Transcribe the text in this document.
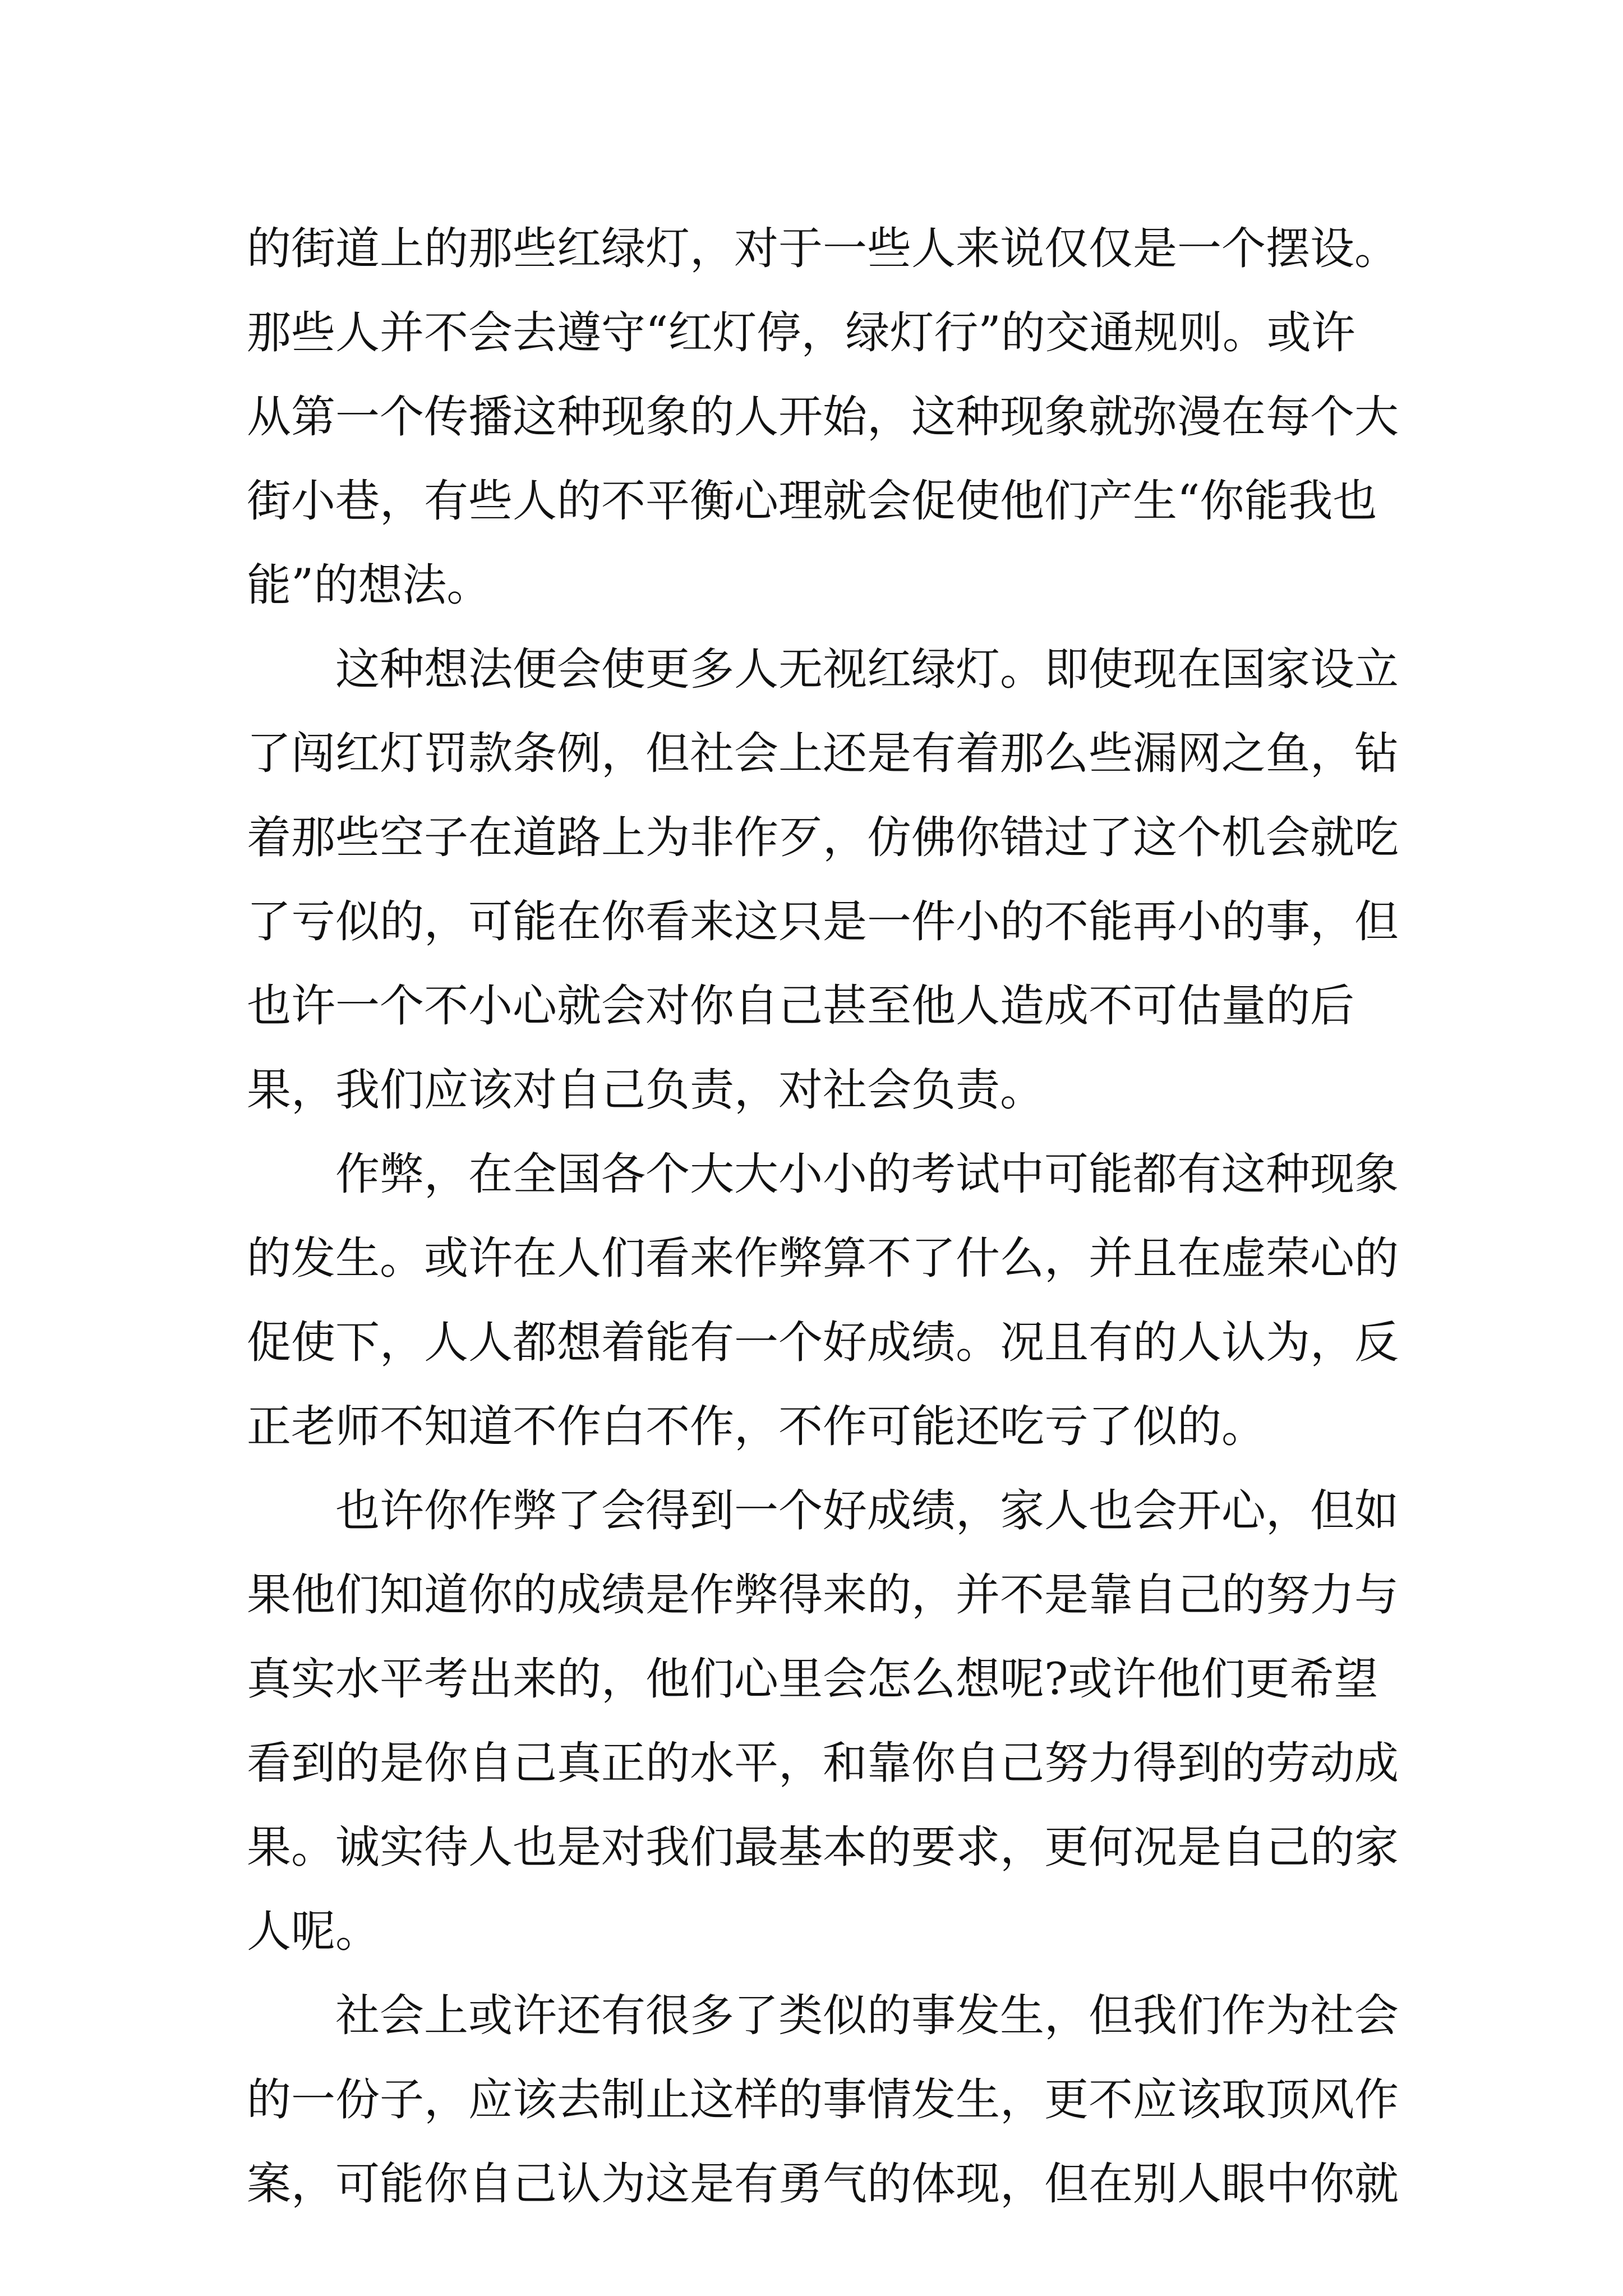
的街道上的那些红绿灯，对于一些人来说仅仅是一个摆设。
那些人并不会去遵守“红灯停，绿灯行”的交通规则。或许
从第一个传播这种现象的人开始，这种现象就弥漫在每个大
街小巷，有些人的不平衡心理就会促使他们产生“你能我也
能”的想法。
　　这种想法便会使更多人无视红绿灯。即使现在国家设立
了闯红灯罚款条例，但社会上还是有着那么些漏网之鱼，钻
着那些空子在道路上为非作歹，仿佛你错过了这个机会就吃
了亏似的，可能在你看来这只是一件小的不能再小的事，但
也许一个不小心就会对你自己甚至他人造成不可估量的后
果，我们应该对自己负责，对社会负责。
　　作弊，在全国各个大大小小的考试中可能都有这种现象
的发生。或许在人们看来作弊算不了什么，并且在虚荣心的
促使下，人人都想着能有一个好成绩。况且有的人认为，反
正老师不知道不作白不作，不作可能还吃亏了似的。
　　也许你作弊了会得到一个好成绩，家人也会开心，但如
果他们知道你的成绩是作弊得来的，并不是靠自己的努力与
真实水平考出来的，他们心里会怎么想呢?或许他们更希望
看到的是你自己真正的水平，和靠你自己努力得到的劳动成
果。诚实待人也是对我们最基本的要求，更何况是自己的家
人呢。
　　社会上或许还有很多了类似的事发生，但我们作为社会
的一份子，应该去制止这样的事情发生，更不应该取顶风作
案，可能你自己认为这是有勇气的体现，但在别人眼中你就
